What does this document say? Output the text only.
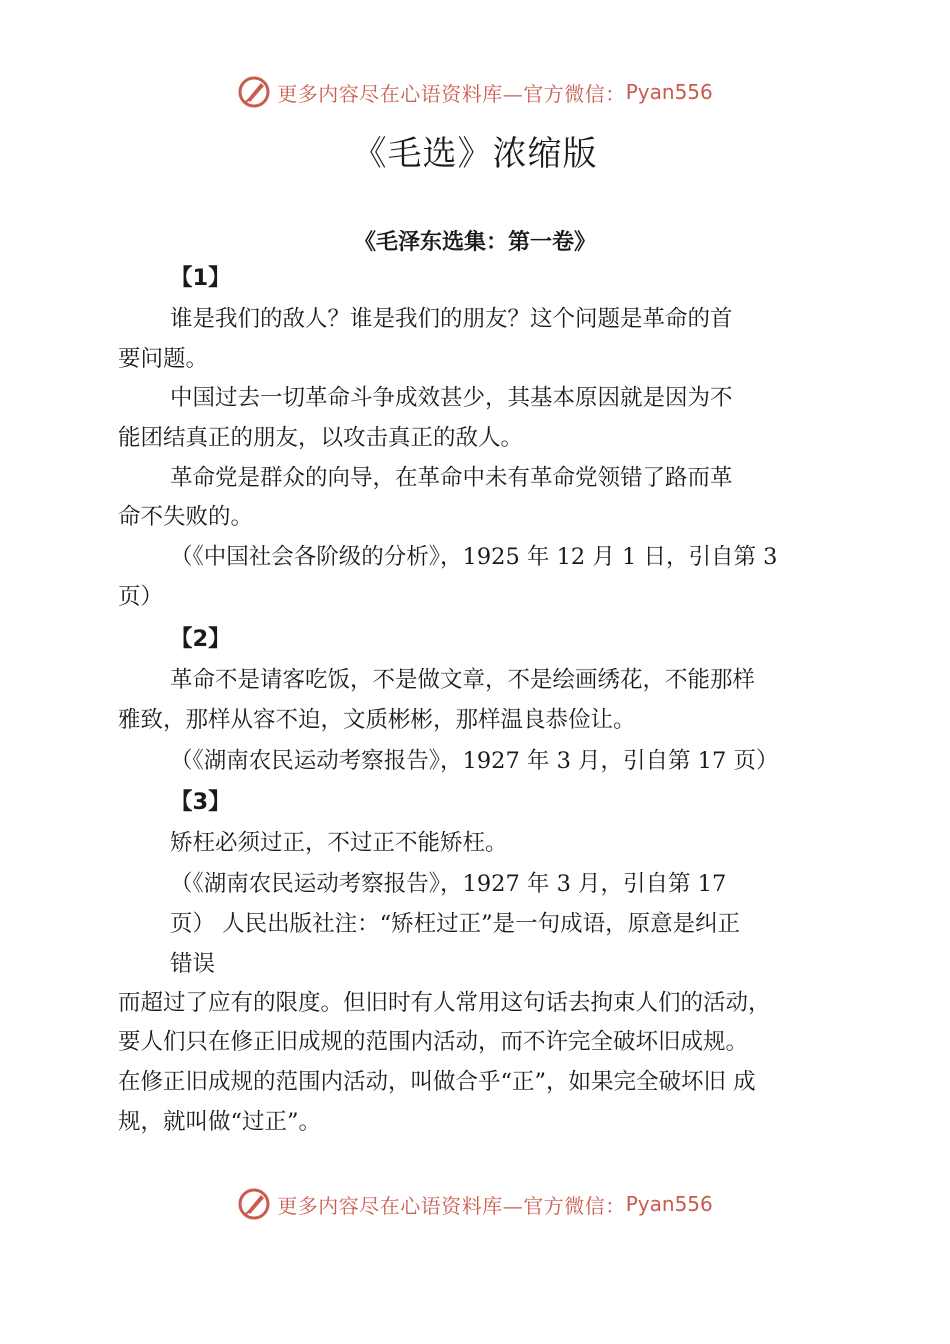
更多内容尽在心语资料库—官方微信： Pyan556
《毛选》浓缩版
《毛泽东选集：第一卷》
【1】
谁是我们的敌人？谁是我们的朋友？这个问题是革命的首
要问题。
中国过去一切革命斗争成效甚少，其基本原因就是因为不
能团结真正的朋友，以攻击真正的敌人。
革命党是群众的向导，在革命中未有革命党领错了路而革
命不失败的。
（《中国社会各阶级的分析》，1925 年 12 月 1 日，引自第 3
页）
【2】
革命不是请客吃饭，不是做文章，不是绘画绣花，不能那样
雅致，那样从容不迫，文质彬彬，那样温良恭俭让。
（《湖南农民运动考察报告》，1927 年 3 月，引自第 17 页）
【3】
矫枉必须过正，不过正不能矫枉。
（《湖南农民运动考察报告》，1927 年 3 月，引自第 17
页） 人民出版社注：“矫枉过正”是一句成语，原意是纠正
错误
而超过了应有的限度。但旧时有人常用这句话去拘束人们的活动，
要人们只在修正旧成规的范围内活动，而不许完全破坏旧成规。
在修正旧成规的范围内活动，叫做合乎“正”，如果完全破坏旧 成
规，就叫做“过正”。
更多内容尽在心语资料库—官方微信： Pyan556
